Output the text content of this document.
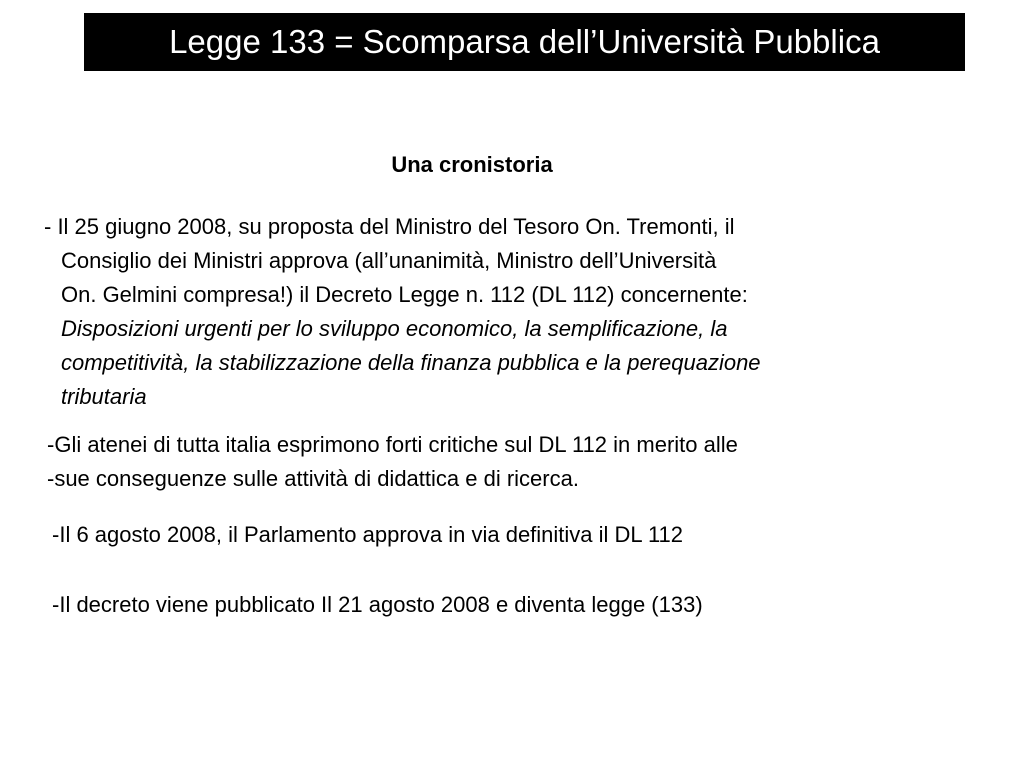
Legge 133 = Scomparsa dell’Università Pubblica
Una cronistoria
- Il 25 giugno 2008, su proposta del Ministro del Tesoro On. Tremonti, il
Consiglio dei Ministri approva (all’unanimità, Ministro dell’Università
On. Gelmini compresa!) il Decreto Legge n. 112 (DL 112) concernente:
Disposizioni urgenti per lo sviluppo economico, la semplificazione, la
competitività, la stabilizzazione della finanza pubblica e la perequazione
tributaria
-Gli atenei di tutta italia esprimono forti critiche sul DL 112 in merito alle
-sue conseguenze sulle attività di didattica e di ricerca.
-Il 6 agosto 2008, il Parlamento approva in via definitiva il DL 112
-Il decreto viene pubblicato Il 21 agosto 2008 e diventa legge (133)
